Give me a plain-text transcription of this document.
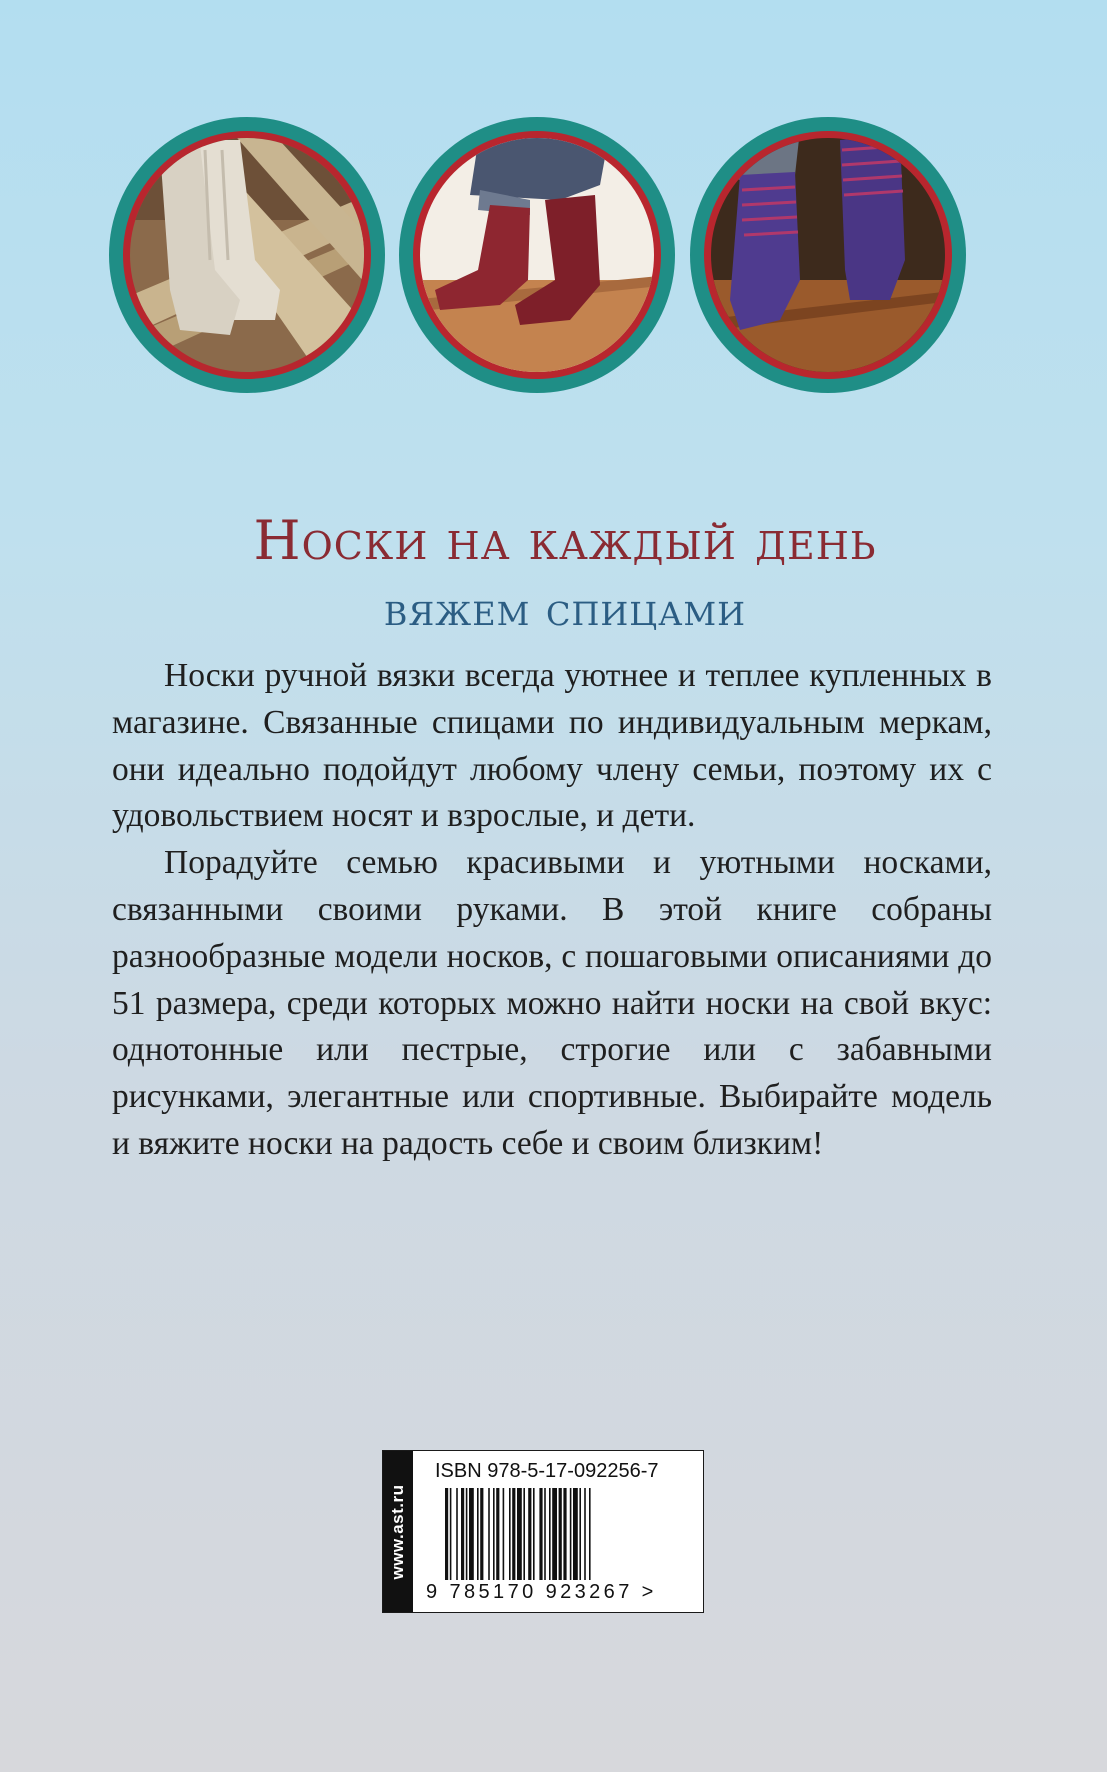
Носки на каждый день
вяжем спицами

Носки ручной вязки всегда уютнее и теплее купленных в магазине. Связанные спицами по индивидуальным меркам, они идеально подойдут любому члену семьи, поэтому их с удовольствием носят и взрослые, и дети.

Порадуйте семью красивыми и уютными носками, связанными своими руками. В этой книге собраны разнообразные модели носков, с пошаговыми описаниями до 51 размера, среди которых можно найти носки на свой вкус: однотонные или пестрые, строгие или с забавными рисунками, элегантные или спортивные. Выбирайте модель и вяжите носки на радость себе и своим близким!

www.ast.ru
ISBN 978-5-17-092256-7
9 785170 923267 >
